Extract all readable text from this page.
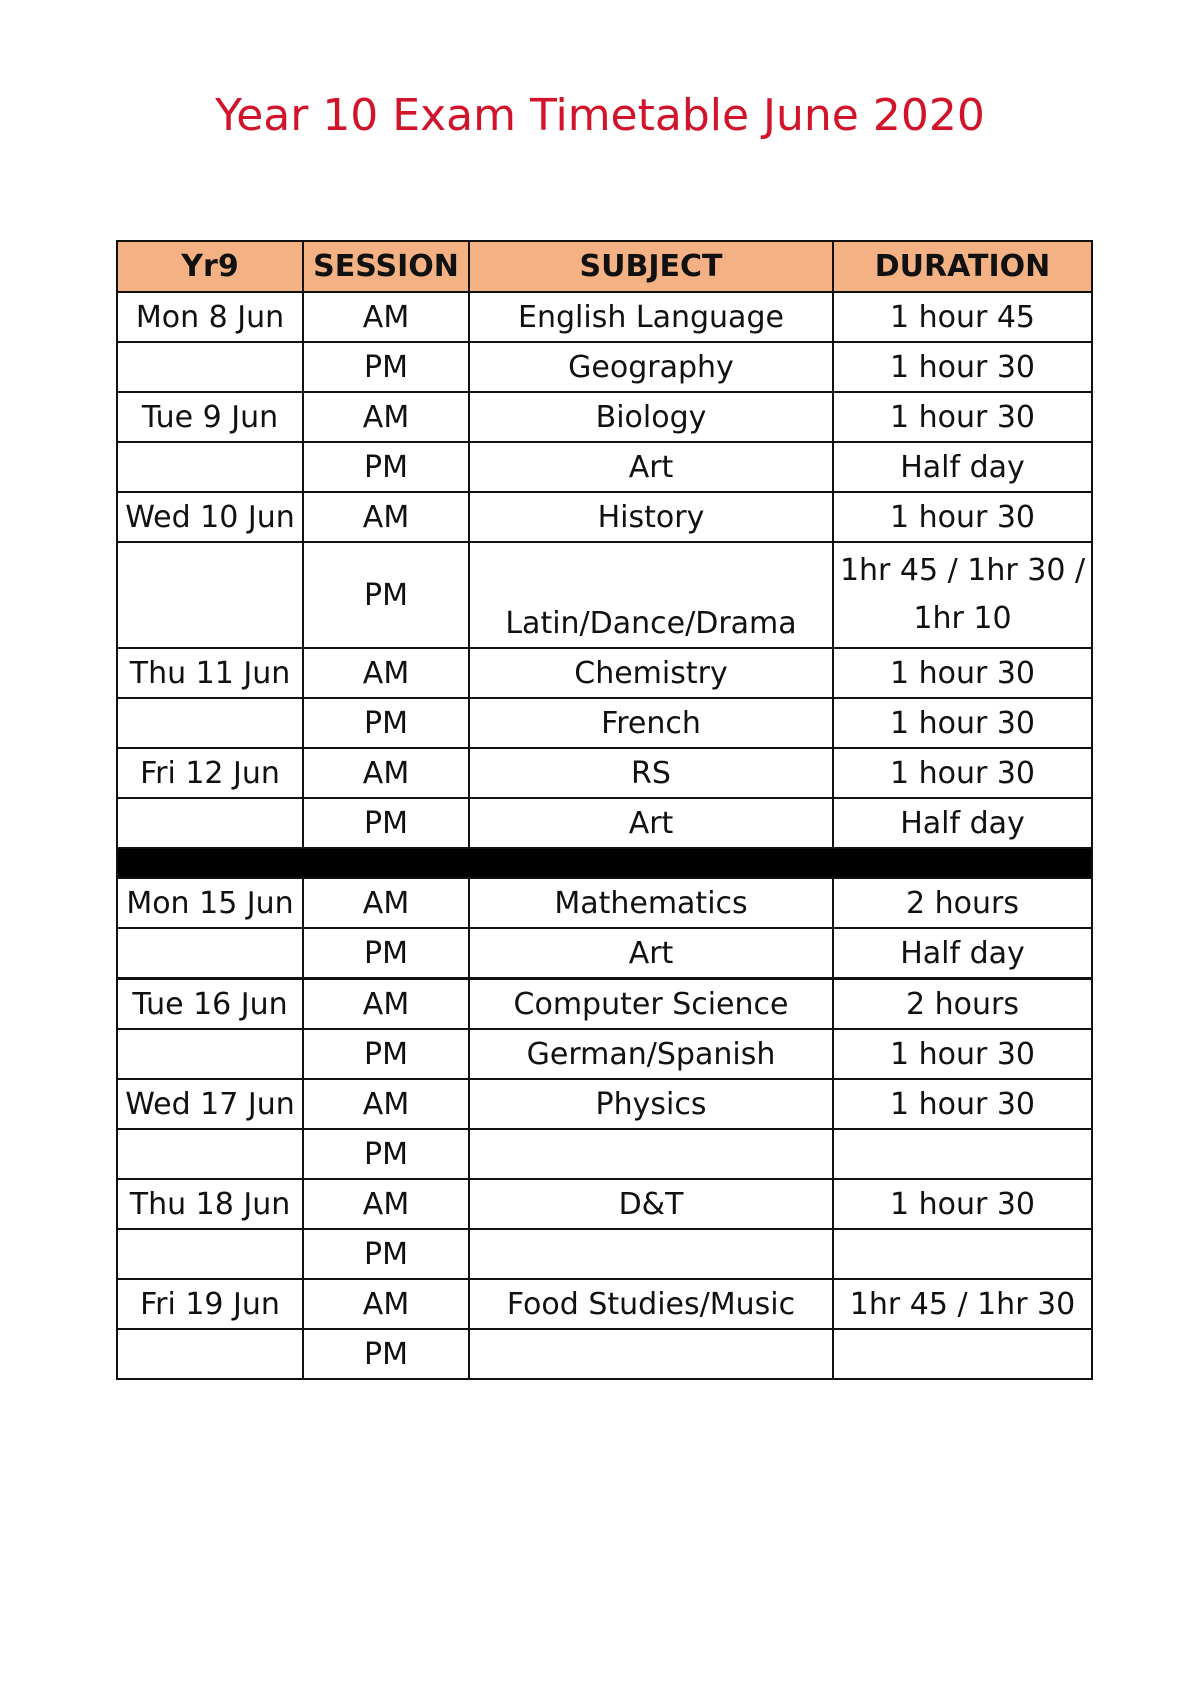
Year 10 Exam Timetable June 2020
Yr9	SESSION	SUBJECT	DURATION
Mon 8 Jun	AM	English Language	1 hour 45
	PM	Geography	1 hour 30
Tue 9 Jun	AM	Biology	1 hour 30
	PM	Art	Half day
Wed 10 Jun	AM	History	1 hour 30
	PM	Latin/Dance/Drama	1hr 45 / 1hr 30 / 1hr 10
Thu 11 Jun	AM	Chemistry	1 hour 30
	PM	French	1 hour 30
Fri 12 Jun	AM	RS	1 hour 30
	PM	Art	Half day

Mon 15 Jun	AM	Mathematics	2 hours
	PM	Art	Half day
Tue 16 Jun	AM	Computer Science	2 hours
	PM	German/Spanish	1 hour 30
Wed 17 Jun	AM	Physics	1 hour 30
	PM		
Thu 18 Jun	AM	D&T	1 hour 30
	PM		
Fri 19 Jun	AM	Food Studies/Music	1hr 45 / 1hr 30
	PM		
